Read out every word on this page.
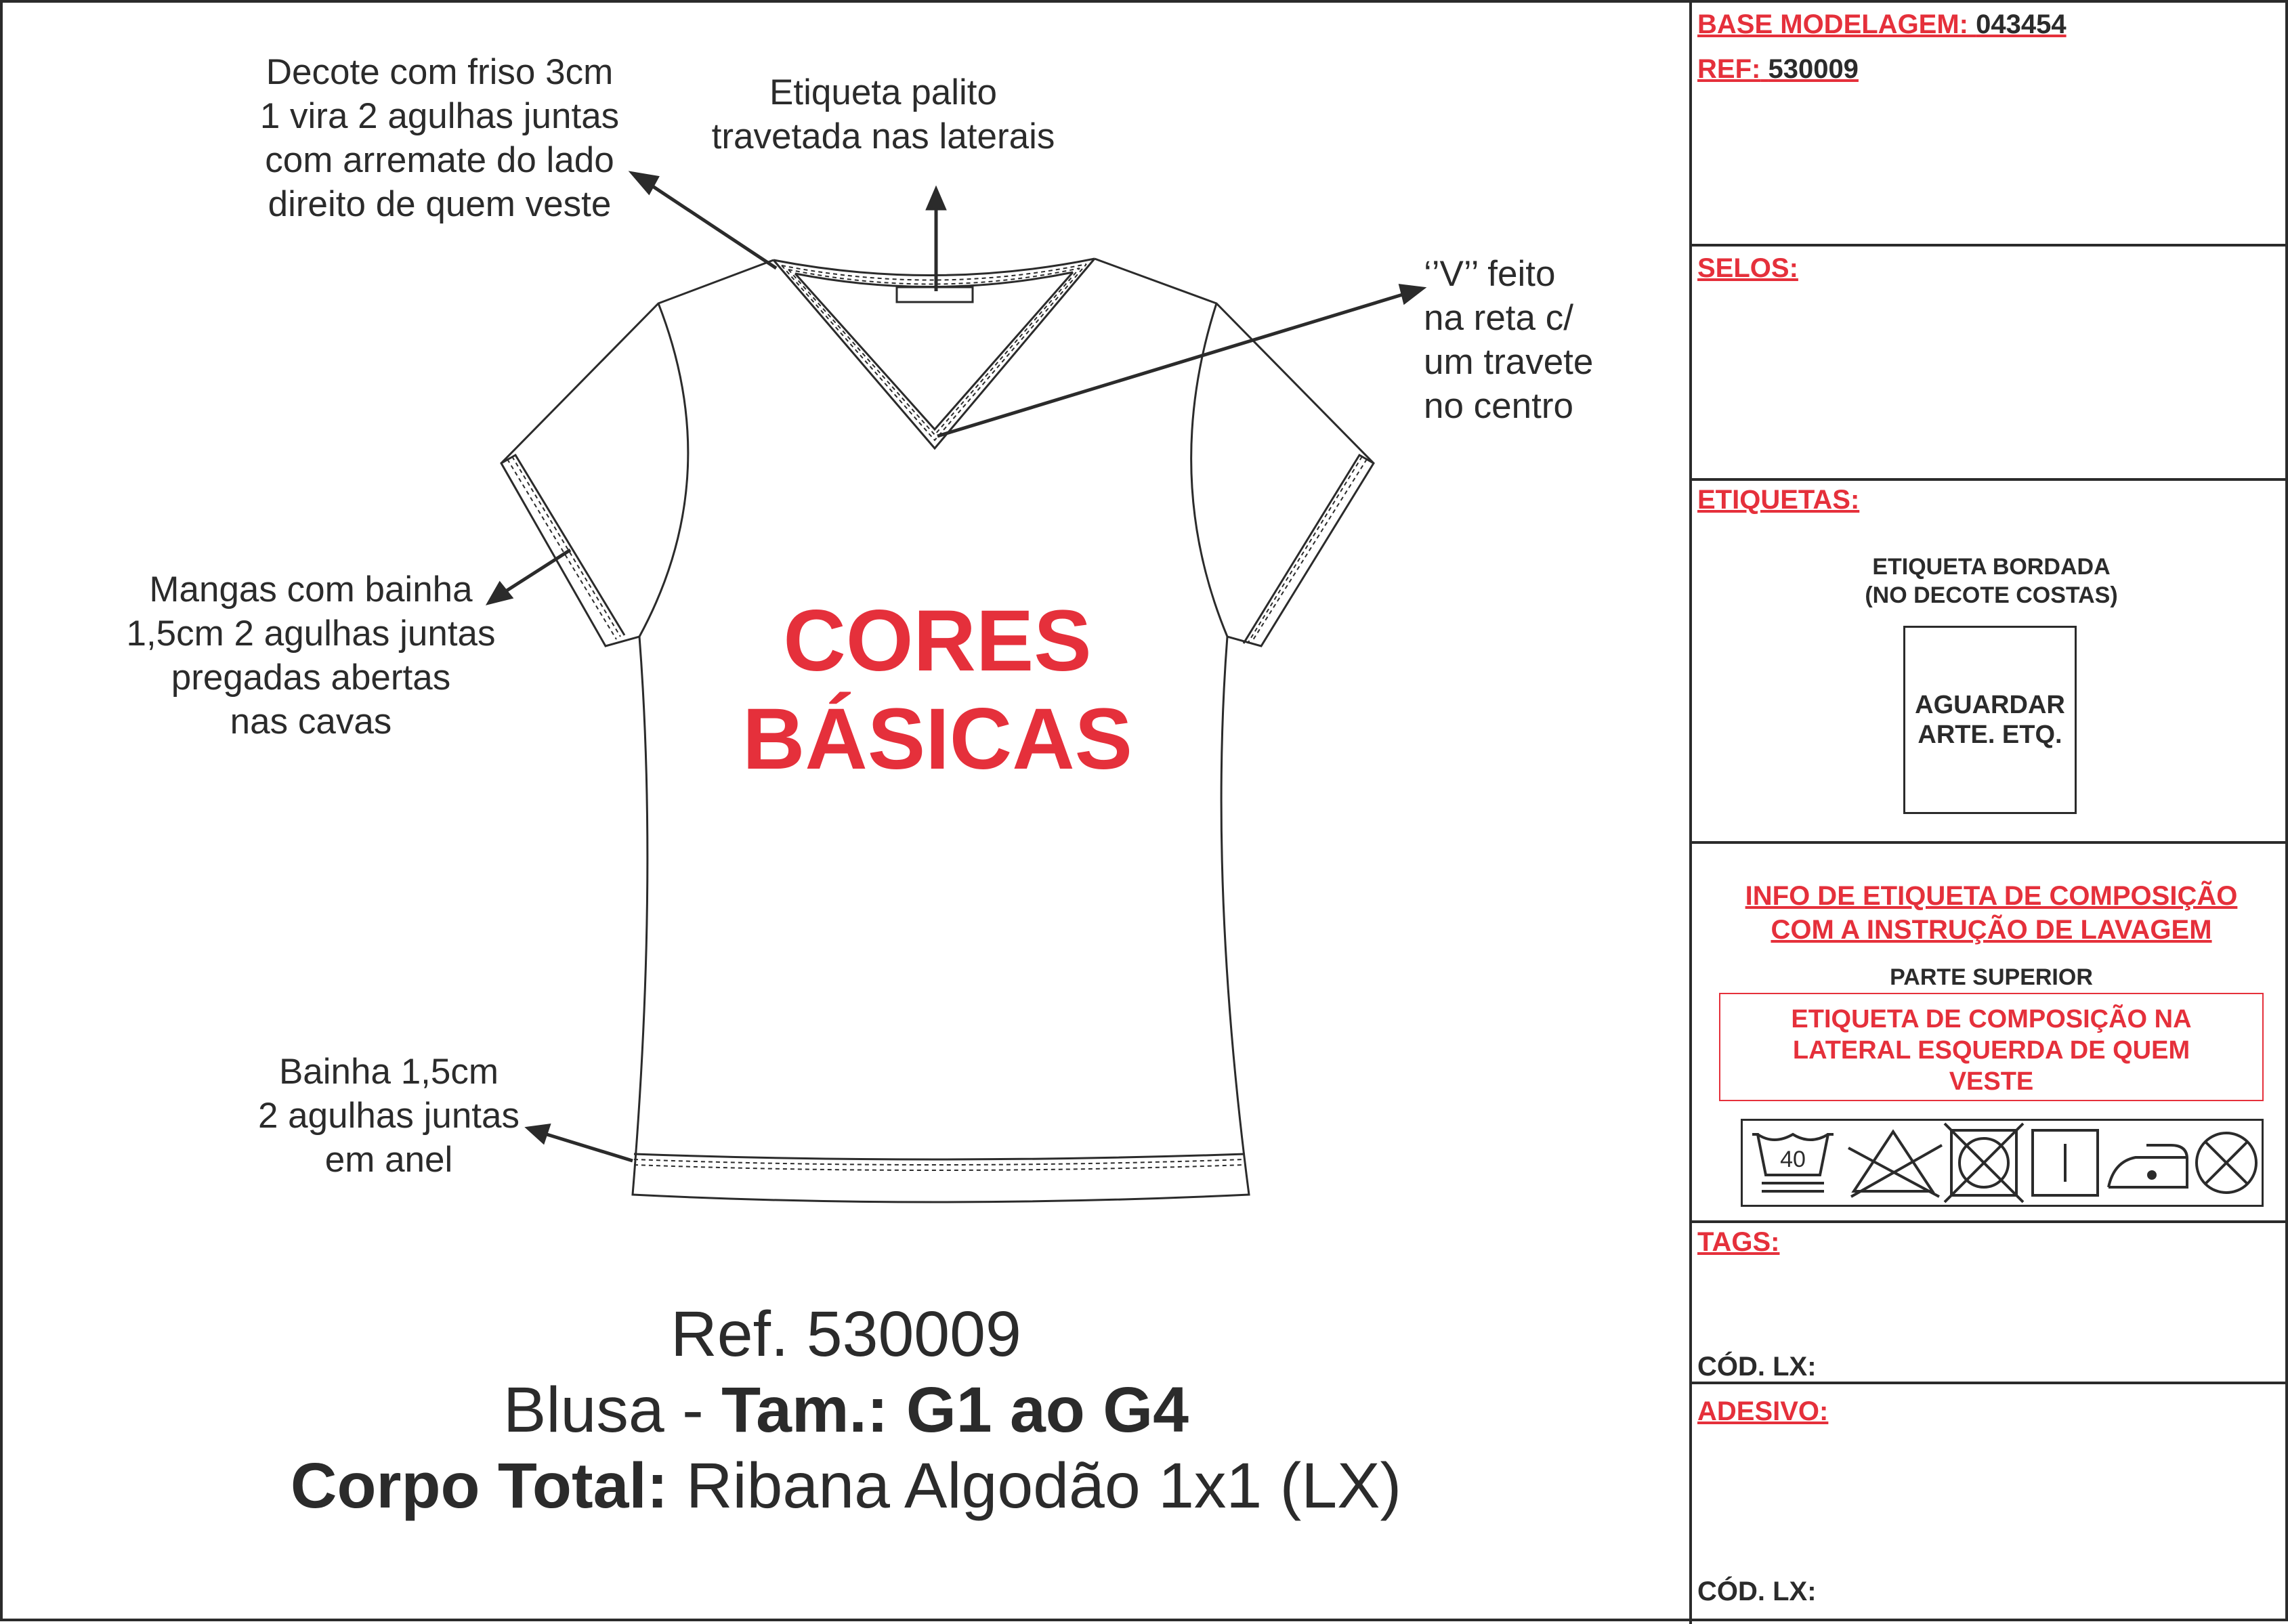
Decote com friso 3cm
1 vira 2 agulhas juntas
com arremate do lado
direito de quem veste
Etiqueta palito
travetada nas laterais
‘’V’’ feito
na reta c/
um travete
no centro
Mangas com bainha
1,5cm 2 agulhas juntas
pregadas abertas
nas cavas
Bainha 1,5cm
2 agulhas juntas
em anel
CORES
BÁSICAS
Ref. 530009
Blusa - Tam.: G1 ao G4
Corpo Total: Ribana Algodão 1x1 (LX)
BASE MODELAGEM: 043454
REF: 530009
SELOS:
ETIQUETAS:
ETIQUETA BORDADA
(NO DECOTE COSTAS)
AGUARDAR
ARTE. ETQ.
INFO DE ETIQUETA DE COMPOSIÇÃO
COM A INSTRUÇÃO DE LAVAGEM
PARTE SUPERIOR
ETIQUETA DE COMPOSIÇÃO NA
LATERAL ESQUERDA DE QUEM
VESTE
40
TAGS:
CÓD. LX:
ADESIVO:
CÓD. LX:
